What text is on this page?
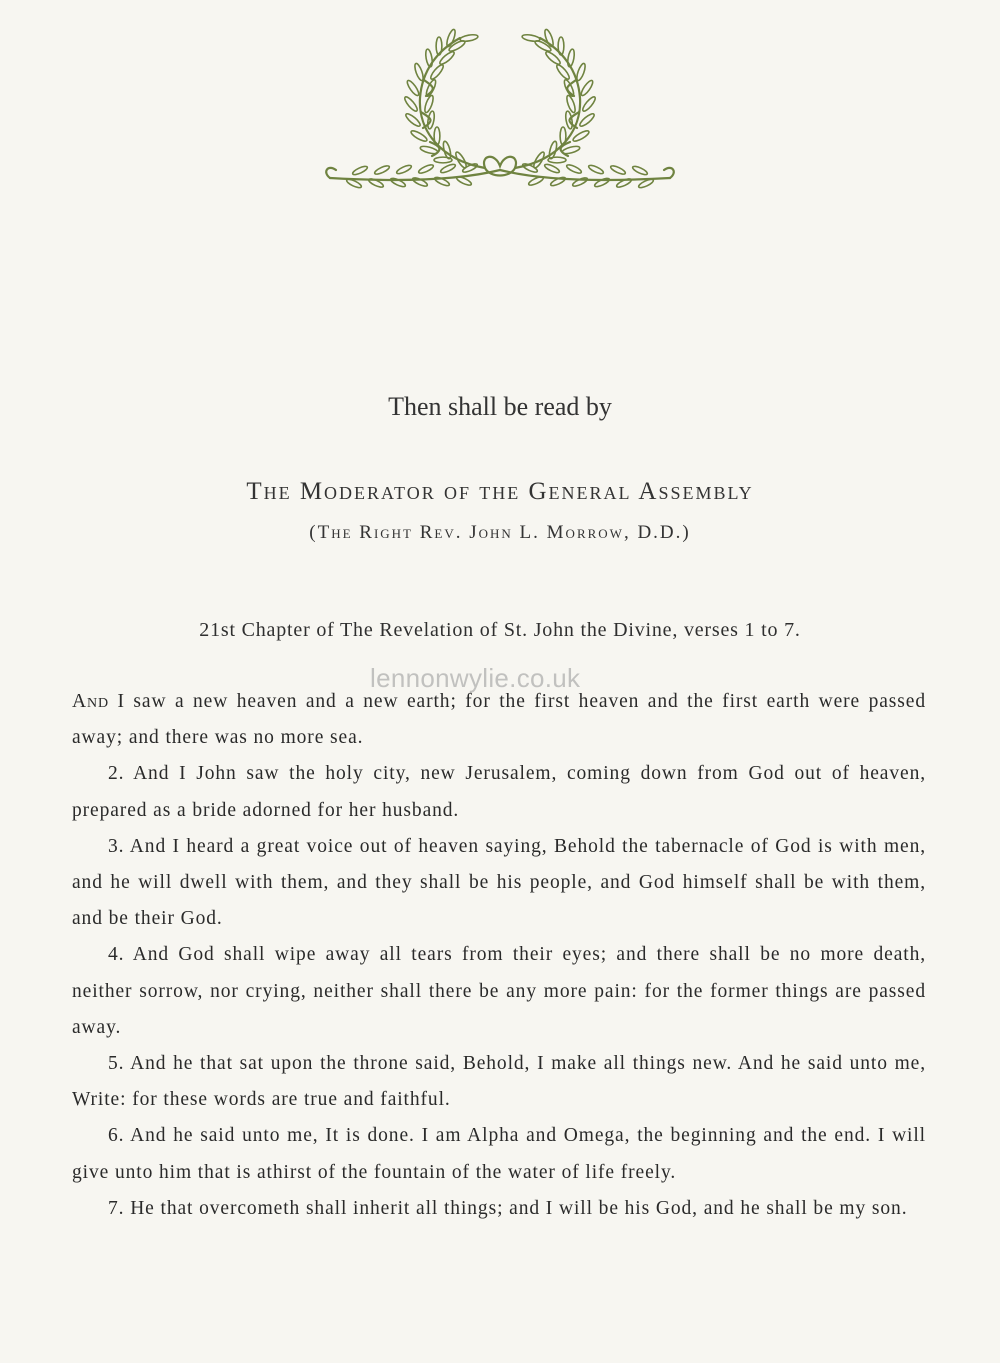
Then shall be read by
The Moderator of the General Assembly
(The Right Rev. John L. Morrow, D.D.)
21st Chapter of The Revelation of St. John the Divine, verses 1 to 7.
lennonwylie.co.uk

And I saw a new heaven and a new earth; for the first heaven and the first earth were passed away; and there was no more sea.

2. And I John saw the holy city, new Jerusalem, coming down from God out of heaven, prepared as a bride adorned for her husband.

3. And I heard a great voice out of heaven saying, Behold the tabernacle of God is with men, and he will dwell with them, and they shall be his people, and God himself shall be with them, and be their God.

4. And God shall wipe away all tears from their eyes; and there shall be no more death, neither sorrow, nor crying, neither shall there be any more pain: for the former things are passed away.

5. And he that sat upon the throne said, Behold, I make all things new. And he said unto me, Write: for these words are true and faithful.

6. And he said unto me, It is done. I am Alpha and Omega, the beginning and the end. I will give unto him that is athirst of the fountain of the water of life freely.

7. He that overcometh shall inherit all things; and I will be his God, and he shall be my son.
